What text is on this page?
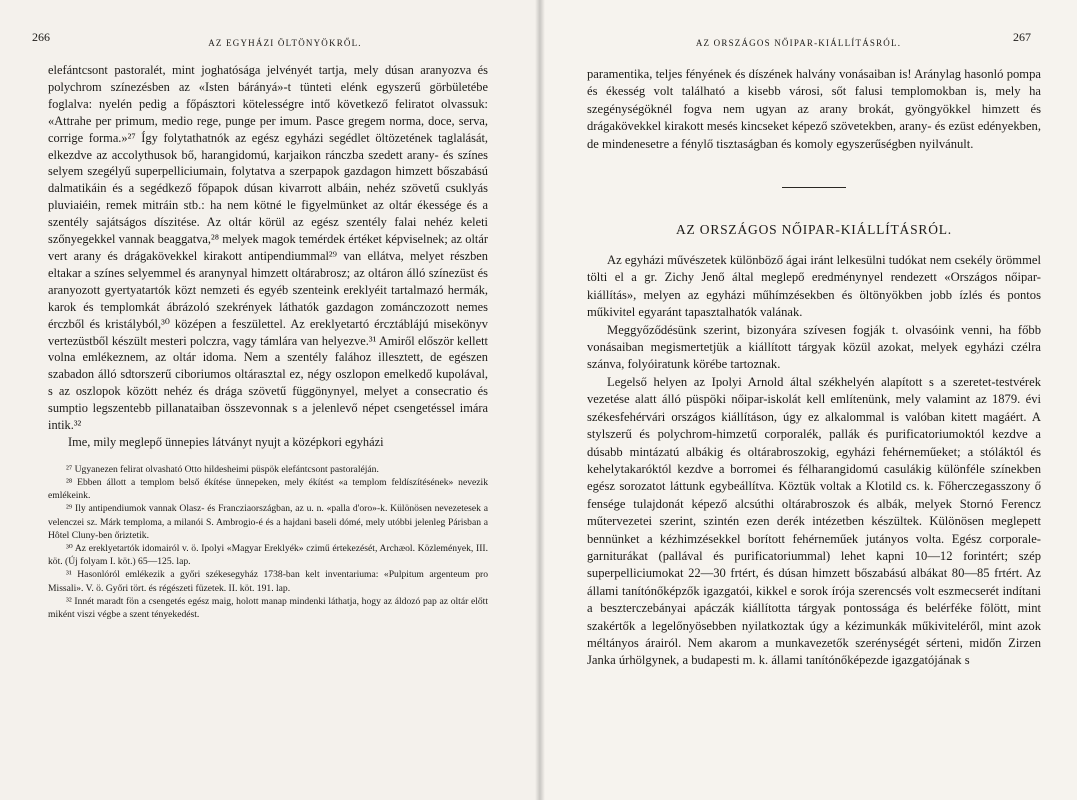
266	AZ EGYHÁZI ÖLTÖNYÖKRŐL.

elefántcsont pastoralét, mint joghatósága jelvényét tartja, mely dúsan aranyozva és polychrom színezésben az «Isten bárányá»-t tünteti elénk egyszerű görbületébe foglalva: nyelén pedig a főpásztori kötelességre intő következő feliratot olvassuk: «Attrahe per primum, medio rege, punge per imum. Pasce gregem norma, doce, serva, corrige forma.»²⁷ Így folytathatnók az egész egyházi segédlet öltözetének taglalását, elkezdve az accolythusok bő, harangidomú, karjaikon ránczba szedett arany- és színes selyem szegélyű superpelliciumain, folytatva a szerpapok gazdagon himzett bőszabású dalmatikáin és a segédkező főpapok dúsan kivarrott albáin, nehéz szövetű csuklyás pluviaiéin, remek mitráin stb.: ha nem kötné le figyelmünket az oltár ékessége és a szentély sajátságos díszitése. Az oltár körül az egész szentély falai nehéz keleti szőnyegekkel vannak beaggatva,²⁸ melyek magok temérdek értéket képviselnek; az oltár vert arany és drágakövekkel kirakott antipendiummal²⁹ van ellátva, melyet részben eltakar a színes selyemmel és aranynyal himzett oltárabrosz; az oltáron álló színezüst és aranyozott gyertyatartók közt nemzeti és egyéb szenteink ereklyéit tartalmazó hermák, karok és templomkát ábrázoló szekrények láthatók gazdagon zománczozott nemes érczből és kristályból,³⁰ középen a feszülettel. Az ereklyetartó ércztáblájú misekönyv vertezüstből készült mesteri polczra, vagy támlára van helyezve.³¹ Amiről először kellett volna emlékeznem, az oltár idoma. Nem a szentély falához illesztett, de egészen szabadon álló sdtorszerű ciboriumos oltárasztal ez, négy oszlopon emelkedő kupolával, s az oszlopok között nehéz és drága szövetű függönynyel, melyet a consecratio és sumptio legszentebb pillanataiban összevonnak s a jelenlevő népet csengetéssel imára intik.³²

Ime, mily meglepő ünnepies látványt nyujt a középkori egyházi

²⁷ Ugyanezen felirat olvasható Otto hildesheimi püspök elefántcsont pastoraléján.

²⁸ Ebben állott a templom belső ékítése ünnepeken, mely ékítést «a templom feldíszítésének» nevezik emlékeink.

²⁹ Ily antipendiumok vannak Olasz- és Francziaországban, az u. n. «palla d'oro»-k. Különösen nevezetesek a velenczei sz. Márk temploma, a milanói S. Ambrogio-é és a hajdani baseli dómé, mely utóbbi jelenleg Párisban a Hôtel Cluny-ben őriztetik.

³⁰ Az ereklyetartók idomairól v. ö. Ipolyi «Magyar Ereklyék» czimű értekezését, Archæol. Közlemények, III. köt. (Új folyam I. köt.) 65—125. lap.

³¹ Hasonlóról emlékezik a győri székesegyház 1738-ban kelt inventariuma: «Pulpitum argenteum pro Missali». V. ö. Győri tört. és régészeti füzetek. II. köt. 191. lap.

³² Innét maradt fön a csengetés egész maig, holott manap mindenki láthatja, hogy az áldozó pap az oltár előtt miként viszi végbe a szent tényekedést.

AZ ORSZÁGOS NŐIPAR-KIÁLLÍTÁSRÓL.	267

paramentika, teljes fényének és díszének halvány vonásaiban is! Aránylag hasonló pompa és ékesség volt található a kisebb városi, sőt falusi templomokban is, mely ha szegénységöknél fogva nem ugyan az arany brokát, gyöngyökkel himzett és drágakövekkel kirakott mesés kincseket képező szövetekben, arany- és ezüst edényekben, de mindenesetre a fénylő tisztaságban és komoly egyszerűségben nyilvánult.

AZ ORSZÁGOS NŐIPAR-KIÁLLÍTÁSRÓL.

Az egyházi művészetek különböző ágai iránt lelkesülni tudókat nem csekély örömmel tölti el a gr. Zichy Jenő által meglepő eredménynyel rendezett «Országos nőipar-kiállítás», melyen az egyházi műhímzésekben és öltönyökben jobb ízlés és pontos műkivitel egyaránt tapasztalhatók valának.

Meggyőződésünk szerint, bizonyára szívesen fogják t. olvasóink venni, ha főbb vonásaiban megismertetjük a kiállított tárgyak közül azokat, melyek egyházi czélra szánva, folyóiratunk körébe tartoznak.

Legelső helyen az Ipolyi Arnold által székhelyén alapított s a szeretet-testvérek vezetése alatt álló püspöki nőipar-iskolát kell említenünk, mely valamint az 1879. évi székesfehérvári országos kiállításon, úgy ez alkalommal is valóban kitett magáért. A stylszerű és polychrom-himzetű corporalék, pallák és purificatoriumoktól kezdve a dúsabb mintázatú albákig és oltárabroszokig, egyházi fehérneműeket; a stóláktól és kehelytakaróktól kezdve a borromei és félharangidomú casulákig különféle színekben egész sorozatot láttunk egybeállítva. Köztük voltak a Klotild cs. k. Főherczegasszony ő fensége tulajdonát képező alcsúthi oltárabroszok és albák, melyek Stornó Ferencz műtervezetei szerint, szintén ezen derék intézetben készültek. Különösen meglepett bennünket a kézhimzésekkel borított fehérneműek jutányos volta. Egész corporale-garniturákat (pallával és purificatoriummal) lehet kapni 10—12 forintért; szép superpelliciumokat 22—30 frtért, és dúsan himzett bőszabású albákat 80—85 frtért. Az állami tanítónőképzők igazgatói, kikkel e sorok írója szerencsés volt eszmecserét indítani a beszterczebányai apáczák kiállította tárgyak pontossága és belérféke fölött, mint szakértők a legelőnyösebben nyilatkoztak úgy a kézimunkák műkiviteléről, mint azok méltányos árairól. Nem akarom a munkavezetők szerénységét sérteni, midőn Zirzen Janka úrhölgynek, a budapesti m. k. állami tanítónőképezde igazgatójának s
